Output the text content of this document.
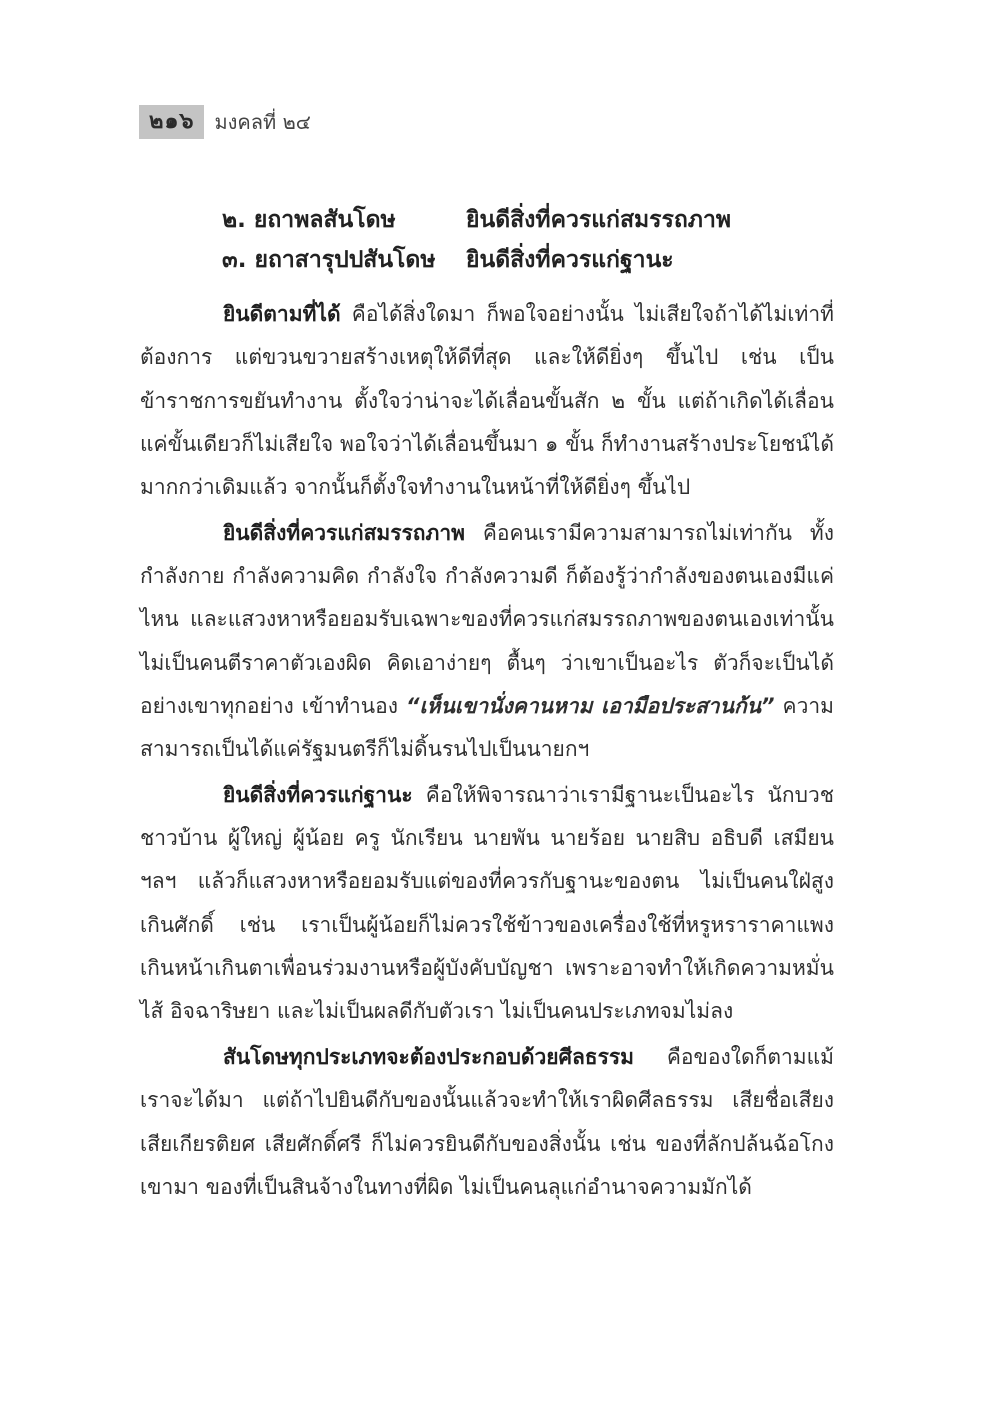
๒๑๖	มงคลที่ ๒๔
๒. ยถาพลสันโดษ	ยินดีสิ่งที่ควรแก่สมรรถภาพ
๓. ยถาสารุปปสันโดษ	ยินดีสิ่งที่ควรแก่ฐานะ

ยินดีตามที่ได้ คือได้สิ่งใดมา ก็พอใจอย่างนั้น ไม่เสียใจถ้าได้ไม่เท่าที่ต้องการ แต่ขวนขวายสร้างเหตุให้ดีที่สุด และให้ดียิ่งๆ ขึ้นไป เช่น เป็นข้าราชการขยันทำงาน ตั้งใจว่าน่าจะได้เลื่อนขั้นสัก ๒ ขั้น แต่ถ้าเกิดได้เลื่อนแค่ขั้นเดียวก็ไม่เสียใจ พอใจว่าได้เลื่อนขึ้นมา ๑ ขั้น ก็ทำงานสร้างประโยชน์ได้มากกว่าเดิมแล้ว จากนั้นก็ตั้งใจทำงานในหน้าที่ให้ดียิ่งๆ ขึ้นไป

ยินดีสิ่งที่ควรแก่สมรรถภาพ คือคนเรามีความสามารถไม่เท่ากัน ทั้งกำลังกาย กำลังความคิด กำลังใจ กำลังความดี ก็ต้องรู้ว่ากำลังของตนเองมีแค่ไหน และแสวงหาหรือยอมรับเฉพาะของที่ควรแก่สมรรถภาพของตนเองเท่านั้น ไม่เป็นคนตีราคาตัวเองผิด คิดเอาง่ายๆ ตื้นๆ ว่าเขาเป็นอะไร ตัวก็จะเป็นได้อย่างเขาทุกอย่าง เข้าทำนอง “เห็นเขานั่งคานหาม เอามือประสานก้น” ความสามารถเป็นได้แค่รัฐมนตรีก็ไม่ดิ้นรนไปเป็นนายกฯ

ยินดีสิ่งที่ควรแก่ฐานะ คือให้พิจารณาว่าเรามีฐานะเป็นอะไร นักบวช ชาวบ้าน ผู้ใหญ่ ผู้น้อย ครู นักเรียน นายพัน นายร้อย นายสิบ อธิบดี เสมียน ฯลฯ แล้วก็แสวงหาหรือยอมรับแต่ของที่ควรกับฐานะของตน ไม่เป็นคนใฝ่สูง เกินศักดิ์ เช่น เราเป็นผู้น้อยก็ไม่ควรใช้ข้าวของเครื่องใช้ที่หรูหราราคาแพง เกินหน้าเกินตาเพื่อนร่วมงานหรือผู้บังคับบัญชา เพราะอาจทำให้เกิดความหมั่นไส้ อิจฉาริษยา และไม่เป็นผลดีกับตัวเรา ไม่เป็นคนประเภทจมไม่ลง

สันโดษทุกประเภทจะต้องประกอบด้วยศีลธรรม คือของใดก็ตามแม้เราจะได้มา แต่ถ้าไปยินดีกับของนั้นแล้วจะทำให้เราผิดศีลธรรม เสียชื่อเสียง เสียเกียรติยศ เสียศักดิ์ศรี ก็ไม่ควรยินดีกับของสิ่งนั้น เช่น ของที่ลักปล้นฉ้อโกงเขามา ของที่เป็นสินจ้างในทางที่ผิด ไม่เป็นคนลุแก่อำนาจความมักได้
